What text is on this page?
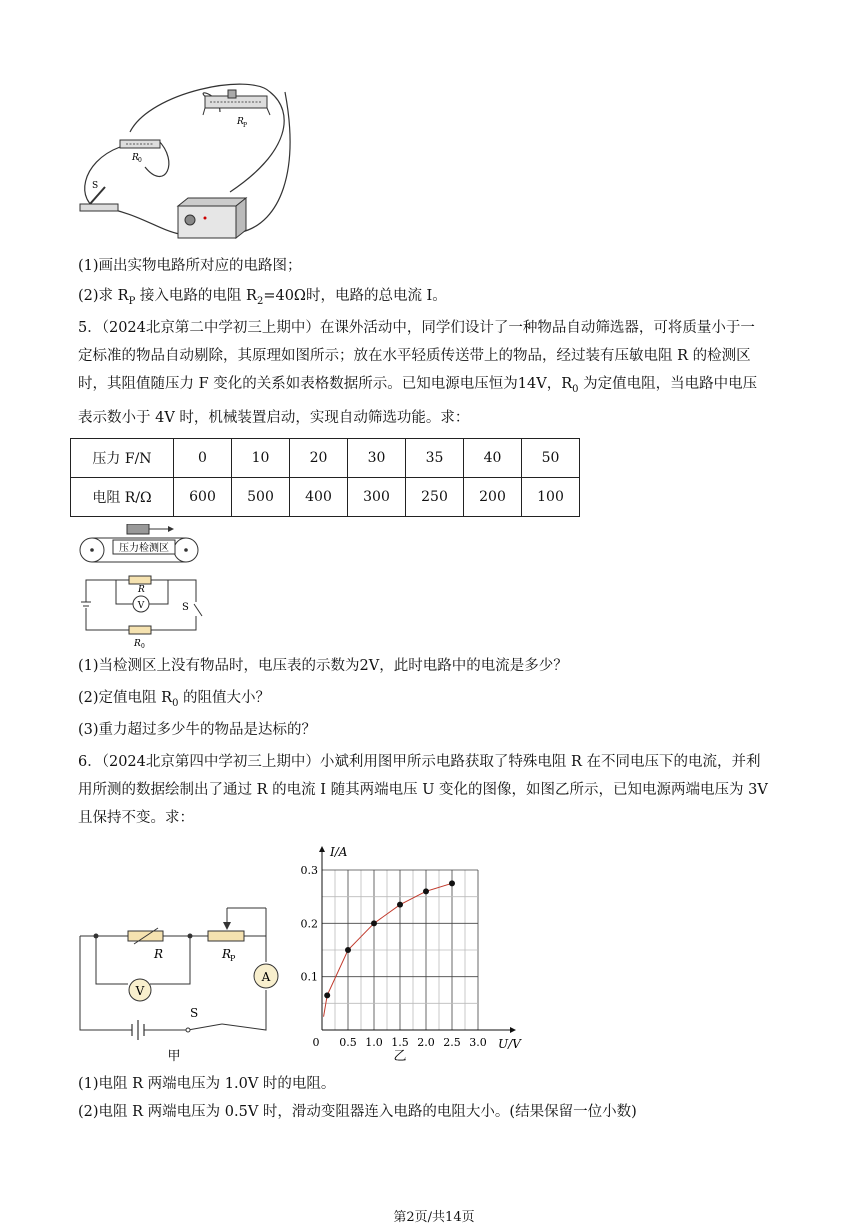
R P
R 0
S
(1)画出实物电路所对应的电路图；
(2)求 $R_P$ 接入电路的电阻 $R_2=40\Omega$时，电路的总电流 I。
5．（2024北京第二中学初三上期中）在课外活动中，同学们设计了一种物品自动筛选器，可将质量小于一
定标准的物品自动剔除，其原理如图所示；放在水平轻质传送带上的物品，经过装有压敏电阻 R 的检测区
时，其阻值随压力 F 变化的关系如表格数据所示。已知电源电压恒为14V，$R_0$ 为定值电阻，当电路中电压
表示数小于 4V 时，机械装置启动，实现自动筛选功能。求：
压力 F/N	0	10	20	30	35	40	50
电阻 R/Ω	600	500	400	300	250	200	100
压力检测区
R
V	S
R 0
(1)当检测区上没有物品时，电压表的示数为2V，此时电路中的电流是多少？
(2)定值电阻 $R_0$ 的阻值大小？
(3)重力超过多少牛的物品是达标的？
6．（2024北京第四中学初三上期中）小斌利用图甲所示电路获取了特殊电阻 R 在不同电压下的电流，并利
用所测的数据绘制出了通过 R 的电流 I 随其两端电压 U 变化的图像，如图乙所示，已知电源两端电压为 3V
且保持不变。求：
R	R
P
V
A
S
甲
0 0.5 1.0 1.5 2.0 2.5 3.0
0.1
0.2
0.3
I/A
U/V
乙
(1)电阻 R 两端电压为 1.0V 时的电阻。
(2)电阻 R 两端电压为 0.5V 时，滑动变阻器连入电路的电阻大小。(结果保留一位小数)
第2页/共14页
